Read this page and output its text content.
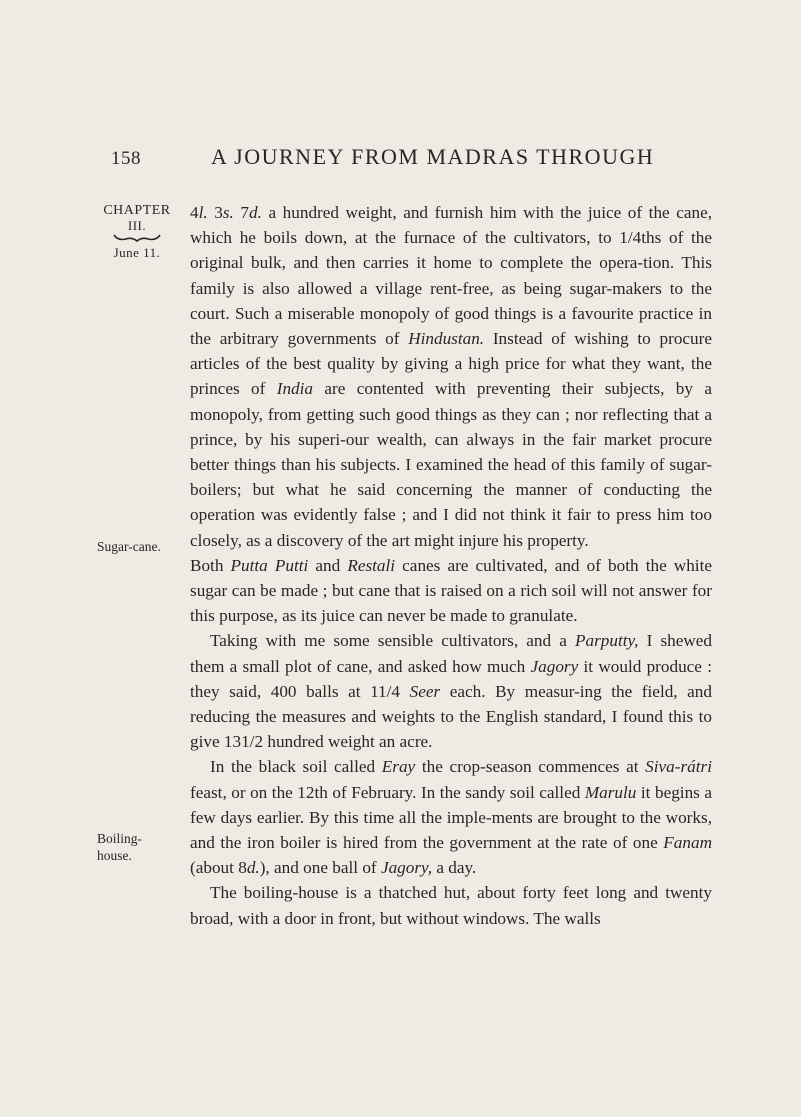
158	A JOURNEY FROM MADRAS THROUGH
CHAPTER
III.
June 11.
Sugar-cane.
Boiling-
house.

4l. 3s. 7d. a hundred weight, and furnish him with the juice of the cane, which he boils down, at the furnace of the cultivators, to 1/4ths of the original bulk, and then carries it home to complete the opera-tion. This family is also allowed a village rent-free, as being sugar-makers to the court. Such a miserable monopoly of good things is a favourite practice in the arbitrary governments of Hindustan. Instead of wishing to procure articles of the best quality by giving a high price for what they want, the princes of India are contented with preventing their subjects, by a monopoly, from getting such good things as they can ; nor reflecting that a prince, by his superi-our wealth, can always in the fair market procure better things than his subjects. I examined the head of this family of sugar-boilers; but what he said concerning the manner of conducting the operation was evidently false ; and I did not think it fair to press him too closely, as a discovery of the art might injure his property.

Both Putta Putti and Restali canes are cultivated, and of both the white sugar can be made ; but cane that is raised on a rich soil will not answer for this purpose, as its juice can never be made to granulate.

Taking with me some sensible cultivators, and a Parputty, I shewed them a small plot of cane, and asked how much Jagory it would produce : they said, 400 balls at 11/4 Seer each. By measur-ing the field, and reducing the measures and weights to the English standard, I found this to give 131/2 hundred weight an acre.

In the black soil called Eray the crop-season commences at Siva-rátri feast, or on the 12th of February. In the sandy soil called Marulu it begins a few days earlier. By this time all the imple-ments are brought to the works, and the iron boiler is hired from the government at the rate of one Fanam (about 8d.), and one ball of Jagory, a day.

The boiling-house is a thatched hut, about forty feet long and twenty broad, with a door in front, but without windows. The walls
